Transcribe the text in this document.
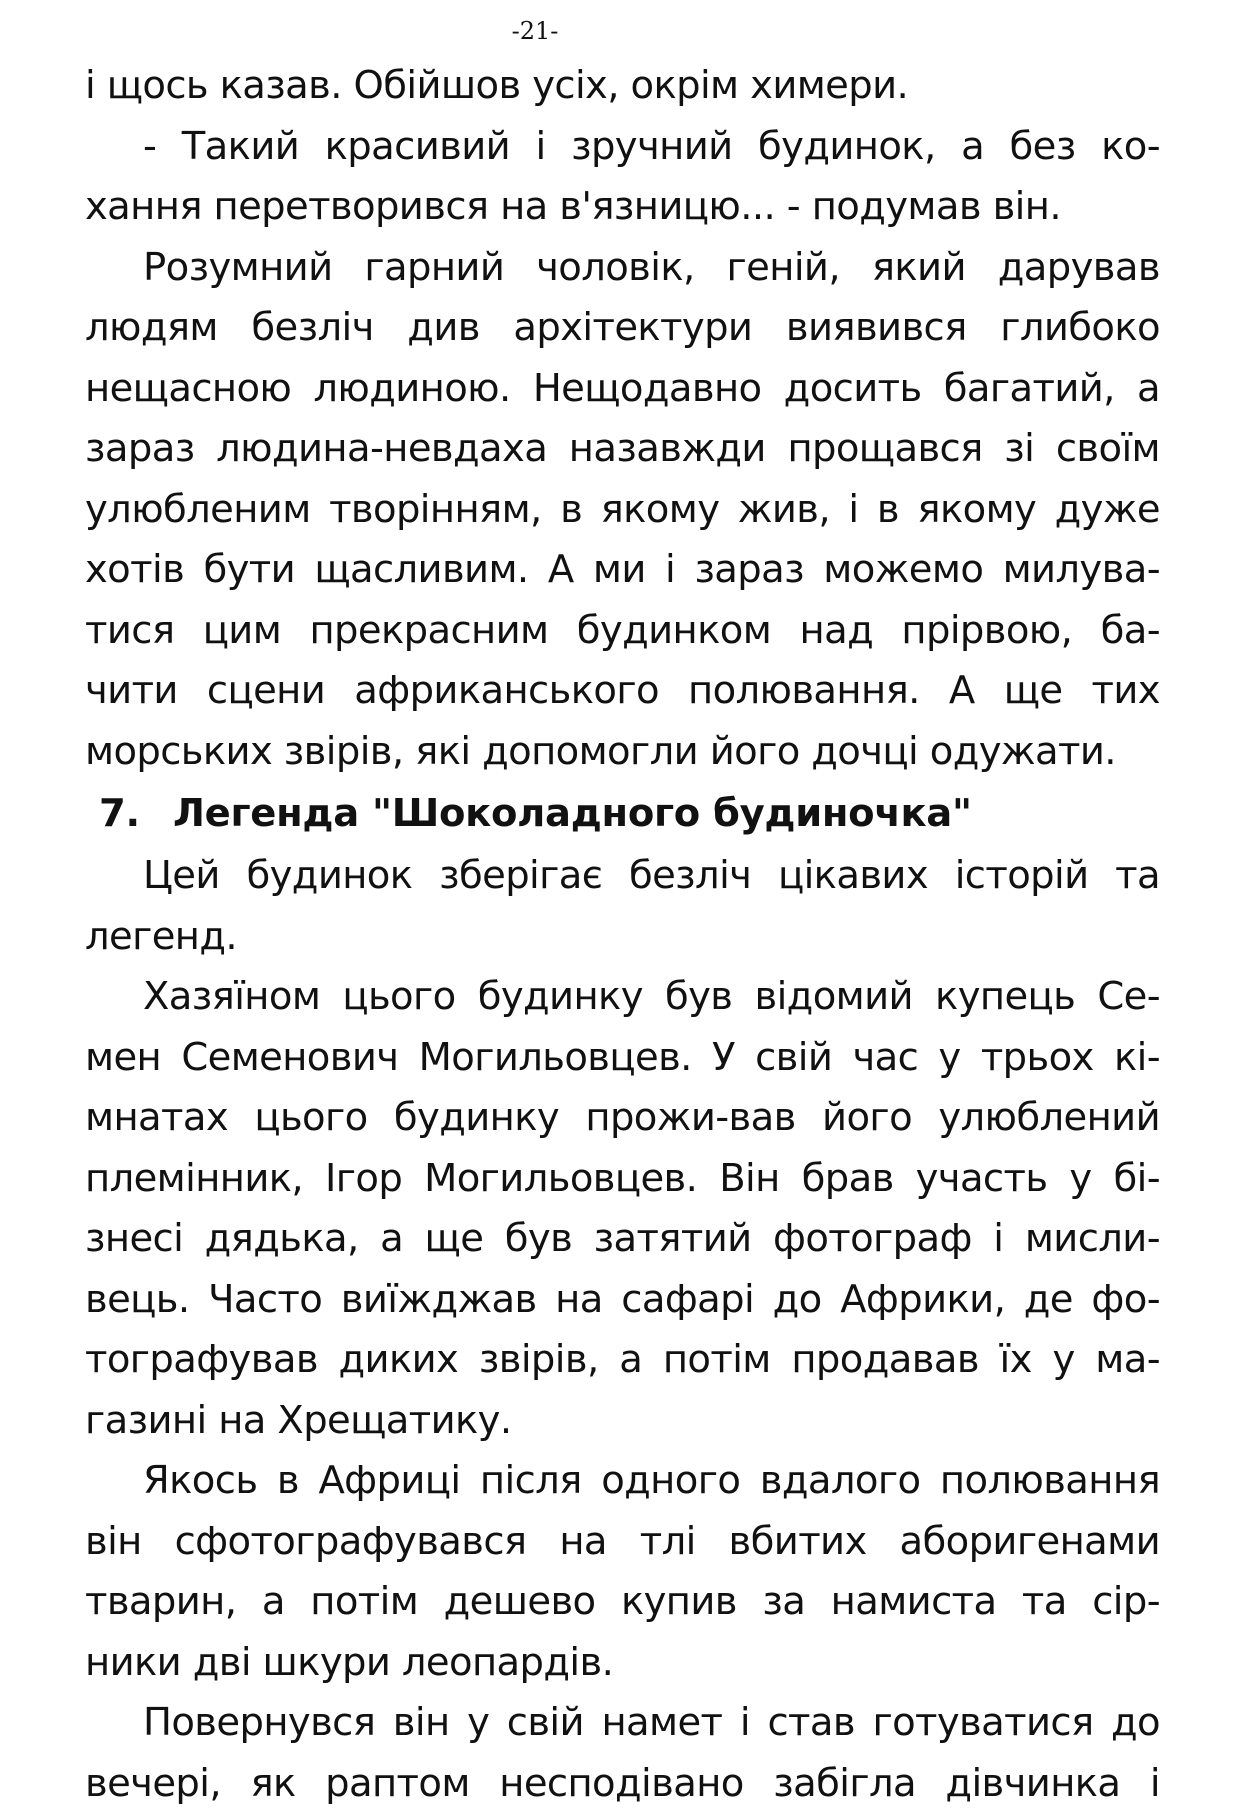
-21-
і щось казав. Обійшов усіх, окрім химери.
- Такий красивий і зручний будинок, а без ко-
хання перетворився на в'язницю... - подумав він.
Розумний гарний чоловік, геній, який дарував
людям безліч див архітектури виявився глибоко
нещасною людиною. Нещодавно досить багатий, а
зараз людина-невдаха назавжди прощався зі своїм
улюбленим творінням, в якому жив, і в якому дуже
хотів бути щасливим. А ми і зараз можемо милува-
тися цим прекрасним будинком над прірвою, ба-
чити сцени африканського полювання. А ще тих
морських звірів, які допомогли його дочці одужати.
7. Легенда "Шоколадного будиночка"
Цей будинок зберігає безліч цікавих історій та
легенд.
Хазяїном цього будинку був відомий купець Се-
мен Семенович Могильовцев. У свій час у трьох кі-
мнатах цього будинку прожи-вав його улюблений
племінник, Ігор Могильовцев. Він брав участь у бі-
знесі дядька, а ще був затятий фотограф і мисли-
вець. Часто виїжджав на сафарі до Африки, де фо-
тографував диких звірів, а потім продавав їх у ма-
газині на Хрещатику.
Якось в Африці після одного вдалого полювання
він сфотографувався на тлі вбитих аборигенами
тварин, а потім дешево купив за намиста та сір-
ники дві шкури леопардів.
Повернувся він у свій намет і став готуватися до
вечері, як раптом несподівано забігла дівчинка і
